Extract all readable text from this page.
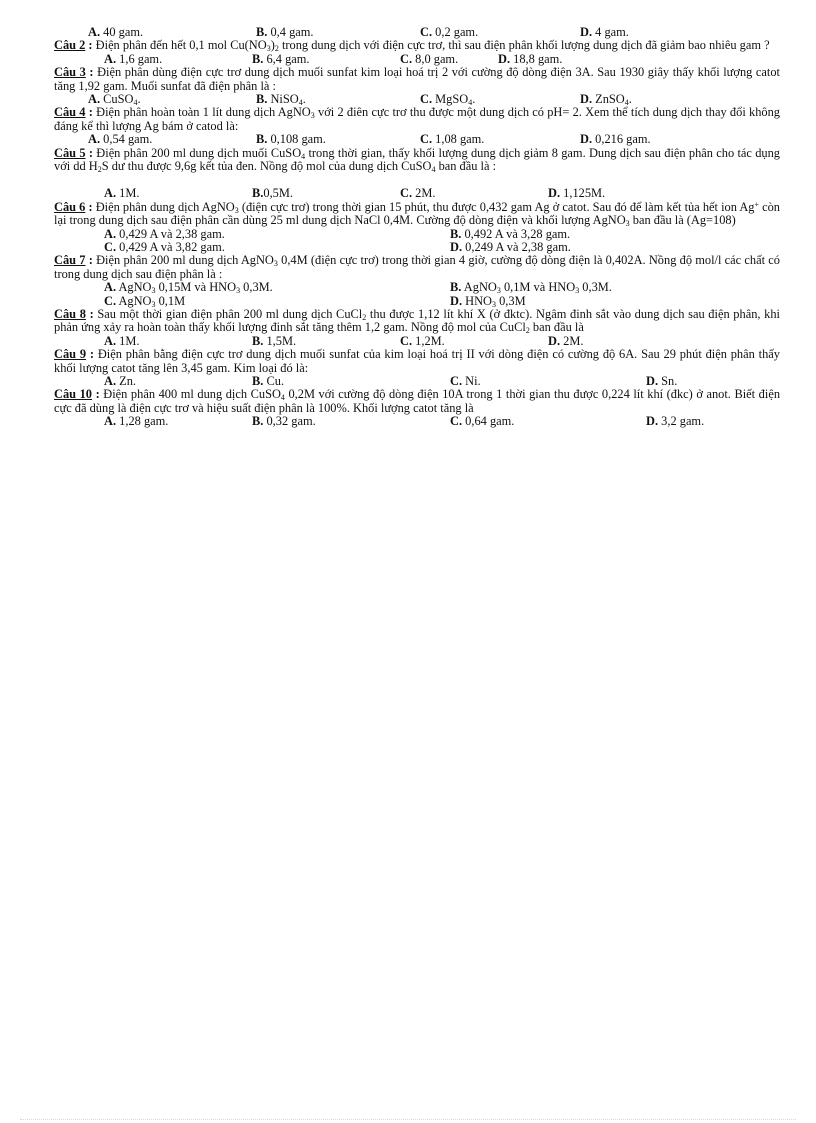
A. 40 gam.	B. 0,4 gam.	C. 0,2 gam.	D. 4 gam.

Câu 2 : Điện phân đến hết 0,1 mol $Cu(NO_3)_2$ trong dung dịch với điện cực trơ, thì sau điện phân khối lượng dung dịch đã giảm bao nhiêu gam ?

A. 1,6 gam.	B. 6,4 gam.	C. 8,0 gam.	D. 18,8 gam.

Câu 3 : Điện phân dùng điện cực trơ dung dịch muối sunfat kim loại hoá trị 2 với cường độ dòng điện 3A. Sau 1930 giây thấy khối lượng catot tăng 1,92 gam. Muối sunfat đã điện phân là :

A. CuSO$_4$.	B. NiSO$_4$.	C. MgSO$_4$.	D. ZnSO$_4$.

Câu 4 : Điện phân hoàn toàn 1 lít dung dịch AgNO$_3$ với 2 điên cực trơ thu được một dung dịch có pH= 2. Xem thể tích dung dịch thay đổi không đáng kể thì lượng Ag bám ở catod là:

A. 0,54 gam.	B. 0,108 gam.	C. 1,08 gam.	D. 0,216 gam.

Câu 5 : Điện phân 200 ml dung dịch muối CuSO$_4$ trong thời gian, thấy khối lượng dung dịch giảm 8 gam. Dung dịch sau điện phân cho tác dụng với dd $H_2S$ dư thu được 9,6g kết tủa đen. Nồng độ mol của dung dịch CuSO$_4$ ban đầu là :

A. 1M.	B.0,5M.	C. 2M.	D. 1,125M.

Câu 6 : Điện phân dung dịch AgNO$_3$ (điện cực trơ) trong thời gian 15 phút, thu được 0,432 gam Ag ở catot. Sau đó để làm kết tủa hết ion Ag+ còn lại trong dung dịch sau điện phân cần dùng 25 ml dung dịch NaCl 0,4M. Cường độ dòng điện và khối lượng AgNO$_3$ ban đầu là (Ag=108)

A. 0,429 A và 2,38 gam.	B. 0,492 A và 3,28 gam.
C. 0,429 A và 3,82 gam.	D. 0,249 A và 2,38 gam.

Câu 7 : Điện phân 200 ml dung dịch AgNO$_3$ 0,4M (điện cực trơ) trong thời gian 4 giờ, cường độ dòng điện là 0,402A. Nồng độ mol/l các chất có trong dung dịch sau điện phân là :

A. AgNO$_3$ 0,15M và $HNO_3$ 0,3M.	B. AgNO$_3$ 0,1M và $HNO_3$ 0,3M.
C. AgNO$_3$ 0,1M	D. $HNO_3$ 0,3M

Câu 8 : Sau một thời gian điện phân 200 ml dung dịch CuCl$_2$ thu được 1,12 lít khí X (ở đktc). Ngâm đinh sắt vào dung dịch sau điện phân, khi phản ứng xảy ra hoàn toàn thấy khối lượng đinh sắt tăng thêm 1,2 gam. Nồng độ mol của CuCl$_2$ ban đầu là

A. 1M.	B. 1,5M.	C. 1,2M.	D. 2M.

Câu 9 : Điện phân bằng điện cực trơ dung dịch muối sunfat của kim loại hoá trị II với dòng điện có cường độ 6A. Sau 29 phút điện phân thấy khối lượng catot tăng lên 3,45 gam. Kim loại đó là:

A. Zn.	B. Cu.	C. Ni.	D. Sn.

Câu 10 : Điện phân 400 ml dung dịch CuSO$_4$ 0,2M với cường độ dòng điện 10A trong 1 thời gian thu được 0,224 lít khí (đkc) ở anot. Biết điện cực đã dùng là điện cực trơ và hiệu suất điện phân là 100%. Khối lượng catot tăng là

A. 1,28 gam.	B. 0,32 gam.	C. 0,64 gam.	D. 3,2 gam.
